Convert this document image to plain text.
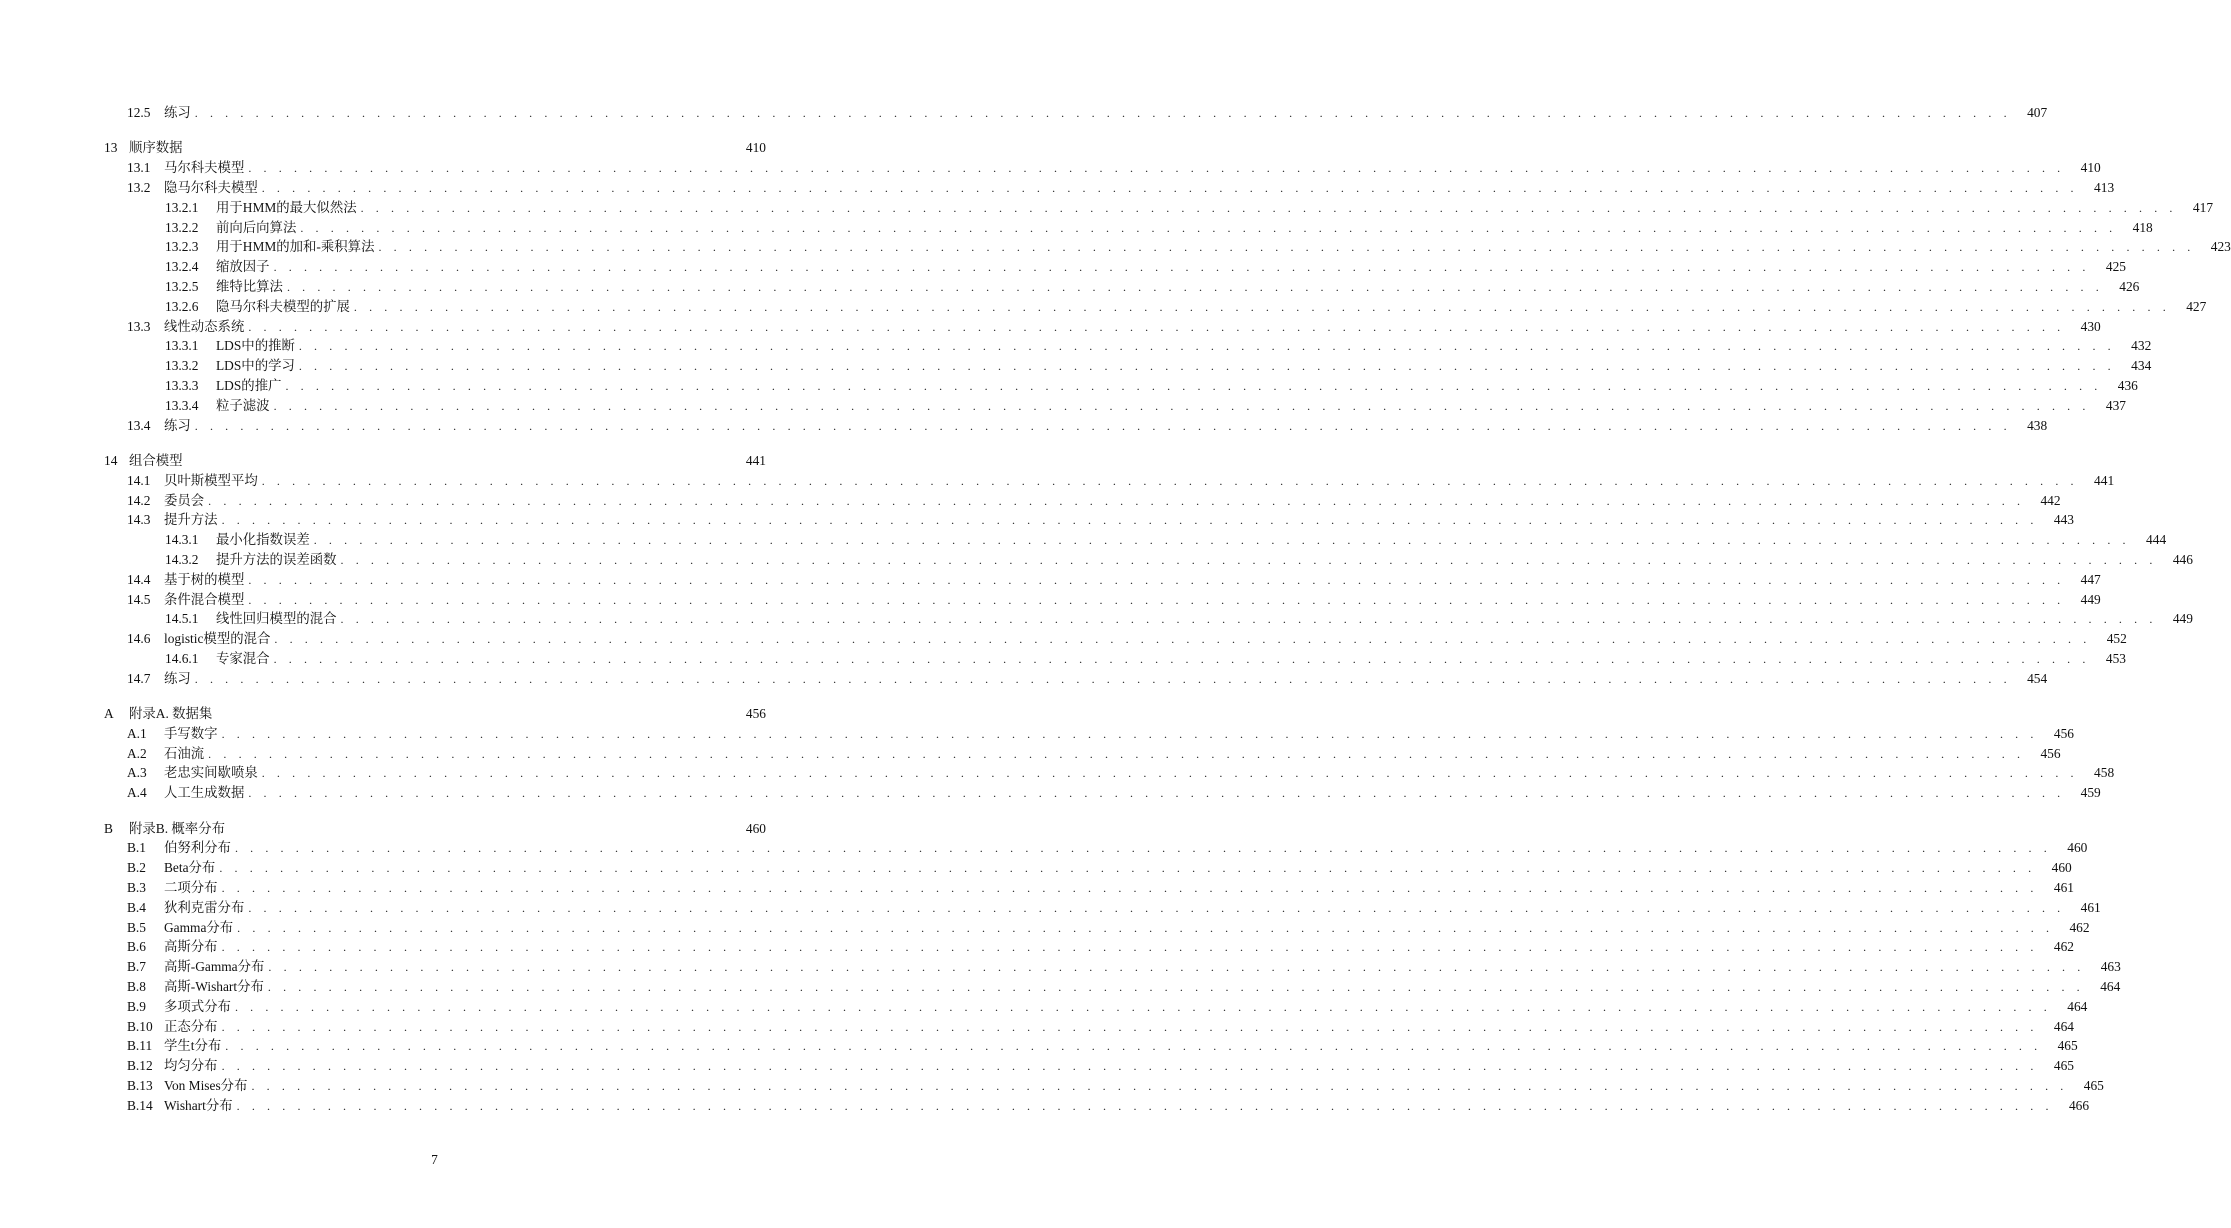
12.5	练习 . . . . . . . . . . . . . . . . . . . . . . . . . . . . . . . . . . . . . . . . . . . . . . . . . . . . . . . . . . . . . . . . . . . . . . . . . . . . . . . . . . . . . . . . . . . . . . . . . . . . . . . . . . . . . . . . . . . . . . . .	407
13 顺序数据	410
13.1	马尔科夫模型 . . . . . . . . . . . . . . . . . . . . . . . . . . . . . . . . . . . . . . . . . . . . . . . . . . . . . . . . . . . . . . . . . . . . . . . . . . . . . . . . . . . . . . . . . . . . . . . . . . . . . . . . . . . . . . . . . . . . . . . .	410
13.2	隐马尔科夫模型 . . . . . . . . . . . . . . . . . . . . . . . . . . . . . . . . . . . . . . . . . . . . . . . . . . . . . . . . . . . . . . . . . . . . . . . . . . . . . . . . . . . . . . . . . . . . . . . . . . . . . . . . . . . . . . . . . . . . . . . .	413
13.2.1	用于HMM的最大似然法 . . . . . . . . . . . . . . . . . . . . . . . . . . . . . . . . . . . . . . . . . . . . . . . . . . . . . . . . . . . . . . . . . . . . . . . . . . . . . . . . . . . . . . . . . . . . . . . . . . . . . . . . . . . . . . . . . . . . . . . .	417
13.2.2	前向后向算法 . . . . . . . . . . . . . . . . . . . . . . . . . . . . . . . . . . . . . . . . . . . . . . . . . . . . . . . . . . . . . . . . . . . . . . . . . . . . . . . . . . . . . . . . . . . . . . . . . . . . . . . . . . . . . . . . . . . . . . . .	418
13.2.3	用于HMM的加和-乘积算法 . . . . . . . . . . . . . . . . . . . . . . . . . . . . . . . . . . . . . . . . . . . . . . . . . . . . . . . . . . . . . . . . . . . . . . . . . . . . . . . . . . . . . . . . . . . . . . . . . . . . . . . . . . . . . . . . . . . . . . . .	423
13.2.4	缩放因子 . . . . . . . . . . . . . . . . . . . . . . . . . . . . . . . . . . . . . . . . . . . . . . . . . . . . . . . . . . . . . . . . . . . . . . . . . . . . . . . . . . . . . . . . . . . . . . . . . . . . . . . . . . . . . . . . . . . . . . . .	425
13.2.5	维特比算法 . . . . . . . . . . . . . . . . . . . . . . . . . . . . . . . . . . . . . . . . . . . . . . . . . . . . . . . . . . . . . . . . . . . . . . . . . . . . . . . . . . . . . . . . . . . . . . . . . . . . . . . . . . . . . . . . . . . . . . . .	426
13.2.6	隐马尔科夫模型的扩展 . . . . . . . . . . . . . . . . . . . . . . . . . . . . . . . . . . . . . . . . . . . . . . . . . . . . . . . . . . . . . . . . . . . . . . . . . . . . . . . . . . . . . . . . . . . . . . . . . . . . . . . . . . . . . . . . . . . . . . . .	427
13.3	线性动态系统 . . . . . . . . . . . . . . . . . . . . . . . . . . . . . . . . . . . . . . . . . . . . . . . . . . . . . . . . . . . . . . . . . . . . . . . . . . . . . . . . . . . . . . . . . . . . . . . . . . . . . . . . . . . . . . . . . . . . . . . .	430
13.3.1	LDS中的推断 . . . . . . . . . . . . . . . . . . . . . . . . . . . . . . . . . . . . . . . . . . . . . . . . . . . . . . . . . . . . . . . . . . . . . . . . . . . . . . . . . . . . . . . . . . . . . . . . . . . . . . . . . . . . . . . . . . . . . . . .	432
13.3.2	LDS中的学习 . . . . . . . . . . . . . . . . . . . . . . . . . . . . . . . . . . . . . . . . . . . . . . . . . . . . . . . . . . . . . . . . . . . . . . . . . . . . . . . . . . . . . . . . . . . . . . . . . . . . . . . . . . . . . . . . . . . . . . . .	434
13.3.3	LDS的推广 . . . . . . . . . . . . . . . . . . . . . . . . . . . . . . . . . . . . . . . . . . . . . . . . . . . . . . . . . . . . . . . . . . . . . . . . . . . . . . . . . . . . . . . . . . . . . . . . . . . . . . . . . . . . . . . . . . . . . . . .	436
13.3.4	粒子滤波 . . . . . . . . . . . . . . . . . . . . . . . . . . . . . . . . . . . . . . . . . . . . . . . . . . . . . . . . . . . . . . . . . . . . . . . . . . . . . . . . . . . . . . . . . . . . . . . . . . . . . . . . . . . . . . . . . . . . . . . .	437
13.4	练习 . . . . . . . . . . . . . . . . . . . . . . . . . . . . . . . . . . . . . . . . . . . . . . . . . . . . . . . . . . . . . . . . . . . . . . . . . . . . . . . . . . . . . . . . . . . . . . . . . . . . . . . . . . . . . . . . . . . . . . . .	438
14 组合模型	441
14.1	贝叶斯模型平均 . . . . . . . . . . . . . . . . . . . . . . . . . . . . . . . . . . . . . . . . . . . . . . . . . . . . . . . . . . . . . . . . . . . . . . . . . . . . . . . . . . . . . . . . . . . . . . . . . . . . . . . . . . . . . . . . . . . . . . . .	441
14.2	委员会 . . . . . . . . . . . . . . . . . . . . . . . . . . . . . . . . . . . . . . . . . . . . . . . . . . . . . . . . . . . . . . . . . . . . . . . . . . . . . . . . . . . . . . . . . . . . . . . . . . . . . . . . . . . . . . . . . . . . . . . .	442
14.3	提升方法 . . . . . . . . . . . . . . . . . . . . . . . . . . . . . . . . . . . . . . . . . . . . . . . . . . . . . . . . . . . . . . . . . . . . . . . . . . . . . . . . . . . . . . . . . . . . . . . . . . . . . . . . . . . . . . . . . . . . . . . .	443
14.3.1	最小化指数误差 . . . . . . . . . . . . . . . . . . . . . . . . . . . . . . . . . . . . . . . . . . . . . . . . . . . . . . . . . . . . . . . . . . . . . . . . . . . . . . . . . . . . . . . . . . . . . . . . . . . . . . . . . . . . . . . . . . . . . . . .	444
14.3.2	提升方法的误差函数 . . . . . . . . . . . . . . . . . . . . . . . . . . . . . . . . . . . . . . . . . . . . . . . . . . . . . . . . . . . . . . . . . . . . . . . . . . . . . . . . . . . . . . . . . . . . . . . . . . . . . . . . . . . . . . . . . . . . . . . .	446
14.4	基于树的模型 . . . . . . . . . . . . . . . . . . . . . . . . . . . . . . . . . . . . . . . . . . . . . . . . . . . . . . . . . . . . . . . . . . . . . . . . . . . . . . . . . . . . . . . . . . . . . . . . . . . . . . . . . . . . . . . . . . . . . . . .	447
14.5	条件混合模型 . . . . . . . . . . . . . . . . . . . . . . . . . . . . . . . . . . . . . . . . . . . . . . . . . . . . . . . . . . . . . . . . . . . . . . . . . . . . . . . . . . . . . . . . . . . . . . . . . . . . . . . . . . . . . . . . . . . . . . . .	449
14.5.1	线性回归模型的混合 . . . . . . . . . . . . . . . . . . . . . . . . . . . . . . . . . . . . . . . . . . . . . . . . . . . . . . . . . . . . . . . . . . . . . . . . . . . . . . . . . . . . . . . . . . . . . . . . . . . . . . . . . . . . . . . . . . . . . . . .	449
14.6	logistic模型的混合 . . . . . . . . . . . . . . . . . . . . . . . . . . . . . . . . . . . . . . . . . . . . . . . . . . . . . . . . . . . . . . . . . . . . . . . . . . . . . . . . . . . . . . . . . . . . . . . . . . . . . . . . . . . . . . . . . . . . . . . .	452
14.6.1	专家混合 . . . . . . . . . . . . . . . . . . . . . . . . . . . . . . . . . . . . . . . . . . . . . . . . . . . . . . . . . . . . . . . . . . . . . . . . . . . . . . . . . . . . . . . . . . . . . . . . . . . . . . . . . . . . . . . . . . . . . . . .	453
14.7	练习 . . . . . . . . . . . . . . . . . . . . . . . . . . . . . . . . . . . . . . . . . . . . . . . . . . . . . . . . . . . . . . . . . . . . . . . . . . . . . . . . . . . . . . . . . . . . . . . . . . . . . . . . . . . . . . . . . . . . . . . .	454
A	附录A. 数据集	456
A.1	手写数字 . . . . . . . . . . . . . . . . . . . . . . . . . . . . . . . . . . . . . . . . . . . . . . . . . . . . . . . . . . . . . . . . . . . . . . . . . . . . . . . . . . . . . . . . . . . . . . . . . . . . . . . . . . . . . . . . . . . . . . . .	456
A.2	石油流 . . . . . . . . . . . . . . . . . . . . . . . . . . . . . . . . . . . . . . . . . . . . . . . . . . . . . . . . . . . . . . . . . . . . . . . . . . . . . . . . . . . . . . . . . . . . . . . . . . . . . . . . . . . . . . . . . . . . . . . .	456
A.3	老忠实间歇喷泉 . . . . . . . . . . . . . . . . . . . . . . . . . . . . . . . . . . . . . . . . . . . . . . . . . . . . . . . . . . . . . . . . . . . . . . . . . . . . . . . . . . . . . . . . . . . . . . . . . . . . . . . . . . . . . . . . . . . . . . . .	458
A.4	人工生成数据 . . . . . . . . . . . . . . . . . . . . . . . . . . . . . . . . . . . . . . . . . . . . . . . . . . . . . . . . . . . . . . . . . . . . . . . . . . . . . . . . . . . . . . . . . . . . . . . . . . . . . . . . . . . . . . . . . . . . . . . .	459
B	附录B. 概率分布	460
B.1	伯努利分布 . . . . . . . . . . . . . . . . . . . . . . . . . . . . . . . . . . . . . . . . . . . . . . . . . . . . . . . . . . . . . . . . . . . . . . . . . . . . . . . . . . . . . . . . . . . . . . . . . . . . . . . . . . . . . . . . . . . . . . . .	460
B.2	Beta分布 . . . . . . . . . . . . . . . . . . . . . . . . . . . . . . . . . . . . . . . . . . . . . . . . . . . . . . . . . . . . . . . . . . . . . . . . . . . . . . . . . . . . . . . . . . . . . . . . . . . . . . . . . . . . . . . . . . . . . . . .	460
B.3	二项分布 . . . . . . . . . . . . . . . . . . . . . . . . . . . . . . . . . . . . . . . . . . . . . . . . . . . . . . . . . . . . . . . . . . . . . . . . . . . . . . . . . . . . . . . . . . . . . . . . . . . . . . . . . . . . . . . . . . . . . . . .	461
B.4	狄利克雷分布 . . . . . . . . . . . . . . . . . . . . . . . . . . . . . . . . . . . . . . . . . . . . . . . . . . . . . . . . . . . . . . . . . . . . . . . . . . . . . . . . . . . . . . . . . . . . . . . . . . . . . . . . . . . . . . . . . . . . . . . .	461
B.5	Gamma分布 . . . . . . . . . . . . . . . . . . . . . . . . . . . . . . . . . . . . . . . . . . . . . . . . . . . . . . . . . . . . . . . . . . . . . . . . . . . . . . . . . . . . . . . . . . . . . . . . . . . . . . . . . . . . . . . . . . . . . . . .	462
B.6	高斯分布 . . . . . . . . . . . . . . . . . . . . . . . . . . . . . . . . . . . . . . . . . . . . . . . . . . . . . . . . . . . . . . . . . . . . . . . . . . . . . . . . . . . . . . . . . . . . . . . . . . . . . . . . . . . . . . . . . . . . . . . .	462
B.7	高斯-Gamma分布 . . . . . . . . . . . . . . . . . . . . . . . . . . . . . . . . . . . . . . . . . . . . . . . . . . . . . . . . . . . . . . . . . . . . . . . . . . . . . . . . . . . . . . . . . . . . . . . . . . . . . . . . . . . . . . . . . . . . . . . .	463
B.8	高斯-Wishart分布 . . . . . . . . . . . . . . . . . . . . . . . . . . . . . . . . . . . . . . . . . . . . . . . . . . . . . . . . . . . . . . . . . . . . . . . . . . . . . . . . . . . . . . . . . . . . . . . . . . . . . . . . . . . . . . . . . . . . . . . .	464
B.9	多项式分布 . . . . . . . . . . . . . . . . . . . . . . . . . . . . . . . . . . . . . . . . . . . . . . . . . . . . . . . . . . . . . . . . . . . . . . . . . . . . . . . . . . . . . . . . . . . . . . . . . . . . . . . . . . . . . . . . . . . . . . . .	464
B.10 正态分布 . . . . . . . . . . . . . . . . . . . . . . . . . . . . . . . . . . . . . . . . . . . . . . . . . . . . . . . . . . . . . . . . . . . . . . . . . . . . . . . . . . . . . . . . . . . . . . . . . . . . . . . . . . . . . . . . . . . . . . . .	464
B.11 学生t分布 . . . . . . . . . . . . . . . . . . . . . . . . . . . . . . . . . . . . . . . . . . . . . . . . . . . . . . . . . . . . . . . . . . . . . . . . . . . . . . . . . . . . . . . . . . . . . . . . . . . . . . . . . . . . . . . . . . . . . . . .	465
B.12 均匀分布 . . . . . . . . . . . . . . . . . . . . . . . . . . . . . . . . . . . . . . . . . . . . . . . . . . . . . . . . . . . . . . . . . . . . . . . . . . . . . . . . . . . . . . . . . . . . . . . . . . . . . . . . . . . . . . . . . . . . . . . .	465
B.13 Von Mises分布 . . . . . . . . . . . . . . . . . . . . . . . . . . . . . . . . . . . . . . . . . . . . . . . . . . . . . . . . . . . . . . . . . . . . . . . . . . . . . . . . . . . . . . . . . . . . . . . . . . . . . . . . . . . . . . . . . . . . . . . .	465
B.14 Wishart分布 . . . . . . . . . . . . . . . . . . . . . . . . . . . . . . . . . . . . . . . . . . . . . . . . . . . . . . . . . . . . . . . . . . . . . . . . . . . . . . . . . . . . . . . . . . . . . . . . . . . . . . . . . . . . . . . . . . . . . . . .	466
7
